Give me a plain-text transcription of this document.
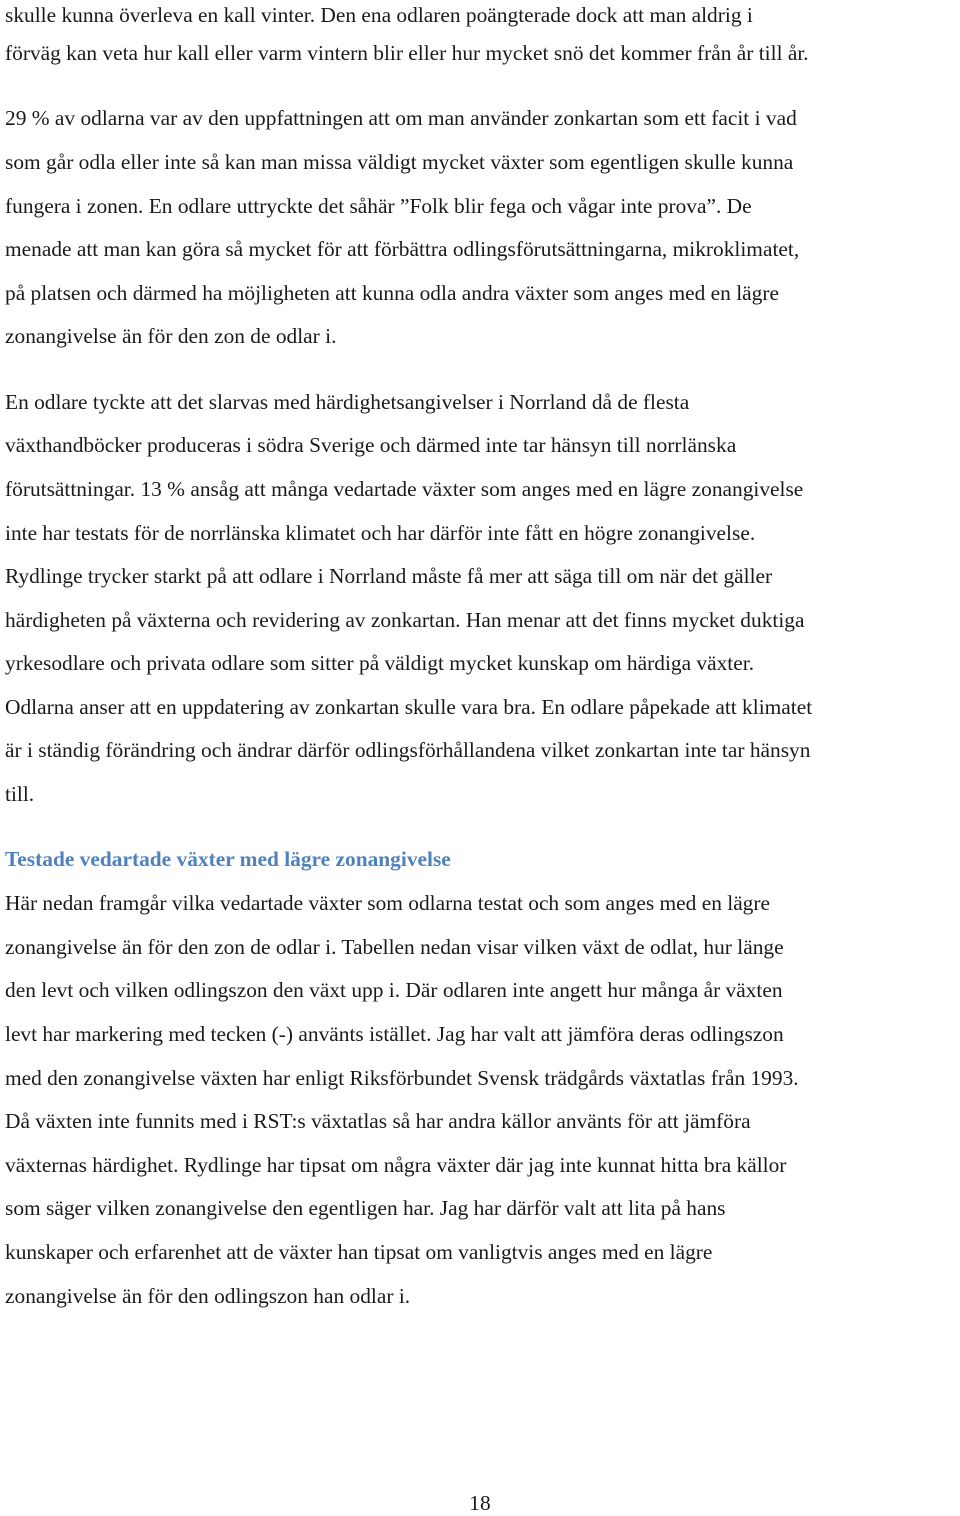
skulle kunna överleva en kall vinter. Den ena odlaren poängterade dock att man aldrig i
förväg kan veta hur kall eller varm vintern blir eller hur mycket snö det kommer från år till år.
29 % av odlarna var av den uppfattningen att om man använder zonkartan som ett facit i vad
som går odla eller inte så kan man missa väldigt mycket växter som egentligen skulle kunna
fungera i zonen. En odlare uttryckte det såhär ”Folk blir fega och vågar inte prova”. De
menade att man kan göra så mycket för att förbättra odlingsförutsättningarna, mikroklimatet,
på platsen och därmed ha möjligheten att kunna odla andra växter som anges med en lägre
zonangivelse än för den zon de odlar i.
En odlare tyckte att det slarvas med härdighetsangivelser i Norrland då de flesta
växthandböcker produceras i södra Sverige och därmed inte tar hänsyn till norrlänska
förutsättningar. 13 % ansåg att många vedartade växter som anges med en lägre zonangivelse
inte har testats för de norrlänska klimatet och har därför inte fått en högre zonangivelse.
Rydlinge trycker starkt på att odlare i Norrland måste få mer att säga till om när det gäller
härdigheten på växterna och revidering av zonkartan. Han menar att det finns mycket duktiga
yrkesodlare och privata odlare som sitter på väldigt mycket kunskap om härdiga växter.
Odlarna anser att en uppdatering av zonkartan skulle vara bra. En odlare påpekade att klimatet
är i ständig förändring och ändrar därför odlingsförhållandena vilket zonkartan inte tar hänsyn
till.
Testade vedartade växter med lägre zonangivelse
Här nedan framgår vilka vedartade växter som odlarna testat och som anges med en lägre
zonangivelse än för den zon de odlar i. Tabellen nedan visar vilken växt de odlat, hur länge
den levt och vilken odlingszon den växt upp i. Där odlaren inte angett hur många år växten
levt har markering med tecken (-) använts istället. Jag har valt att jämföra deras odlingszon
med den zonangivelse växten har enligt Riksförbundet Svensk trädgårds växtatlas från 1993.
Då växten inte funnits med i RST:s växtatlas så har andra källor använts för att jämföra
växternas härdighet. Rydlinge har tipsat om några växter där jag inte kunnat hitta bra källor
som säger vilken zonangivelse den egentligen har. Jag har därför valt att lita på hans
kunskaper och erfarenhet att de växter han tipsat om vanligtvis anges med en lägre
zonangivelse än för den odlingszon han odlar i.
18
